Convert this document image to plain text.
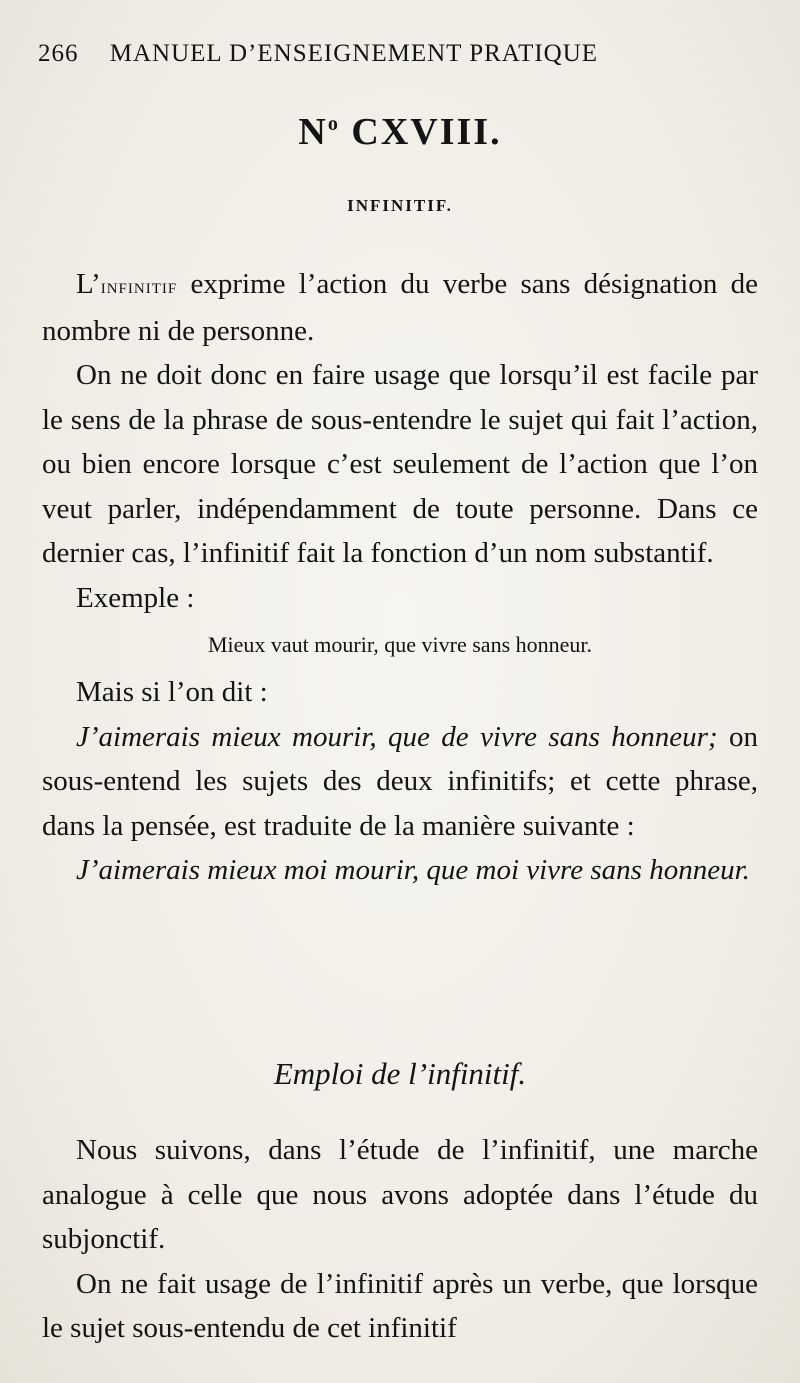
266 MANUEL D’ENSEIGNEMENT PRATIQUE
$N^o$ CXVIII.
INFINITIF.

L’infinitif exprime l’action du verbe sans désignation de nombre ni de personne.

On ne doit donc en faire usage que lorsqu’il est facile par le sens de la phrase de sous-entendre le sujet qui fait l’action, ou bien encore lorsque c’est seulement de l’action que l’on veut parler, indépendamment de toute personne. Dans ce dernier cas, l’infinitif fait la fonction d’un nom substantif.

Exemple :

Mieux vaut mourir, que vivre sans honneur.

Mais si l’on dit :

J’aimerais mieux mourir, que de vivre sans honneur; on sous-entend les sujets des deux infinitifs; et cette phrase, dans la pensée, est traduite de la manière suivante :

J’aimerais mieux moi mourir, que moi vivre sans honneur.

Emploi de l’infinitif.

Nous suivons, dans l’étude de l’infinitif, une marche analogue à celle que nous avons adoptée dans l’étude du subjonctif.

On ne fait usage de l’infinitif après un verbe, que lorsque le sujet sous-entendu de cet infinitif
